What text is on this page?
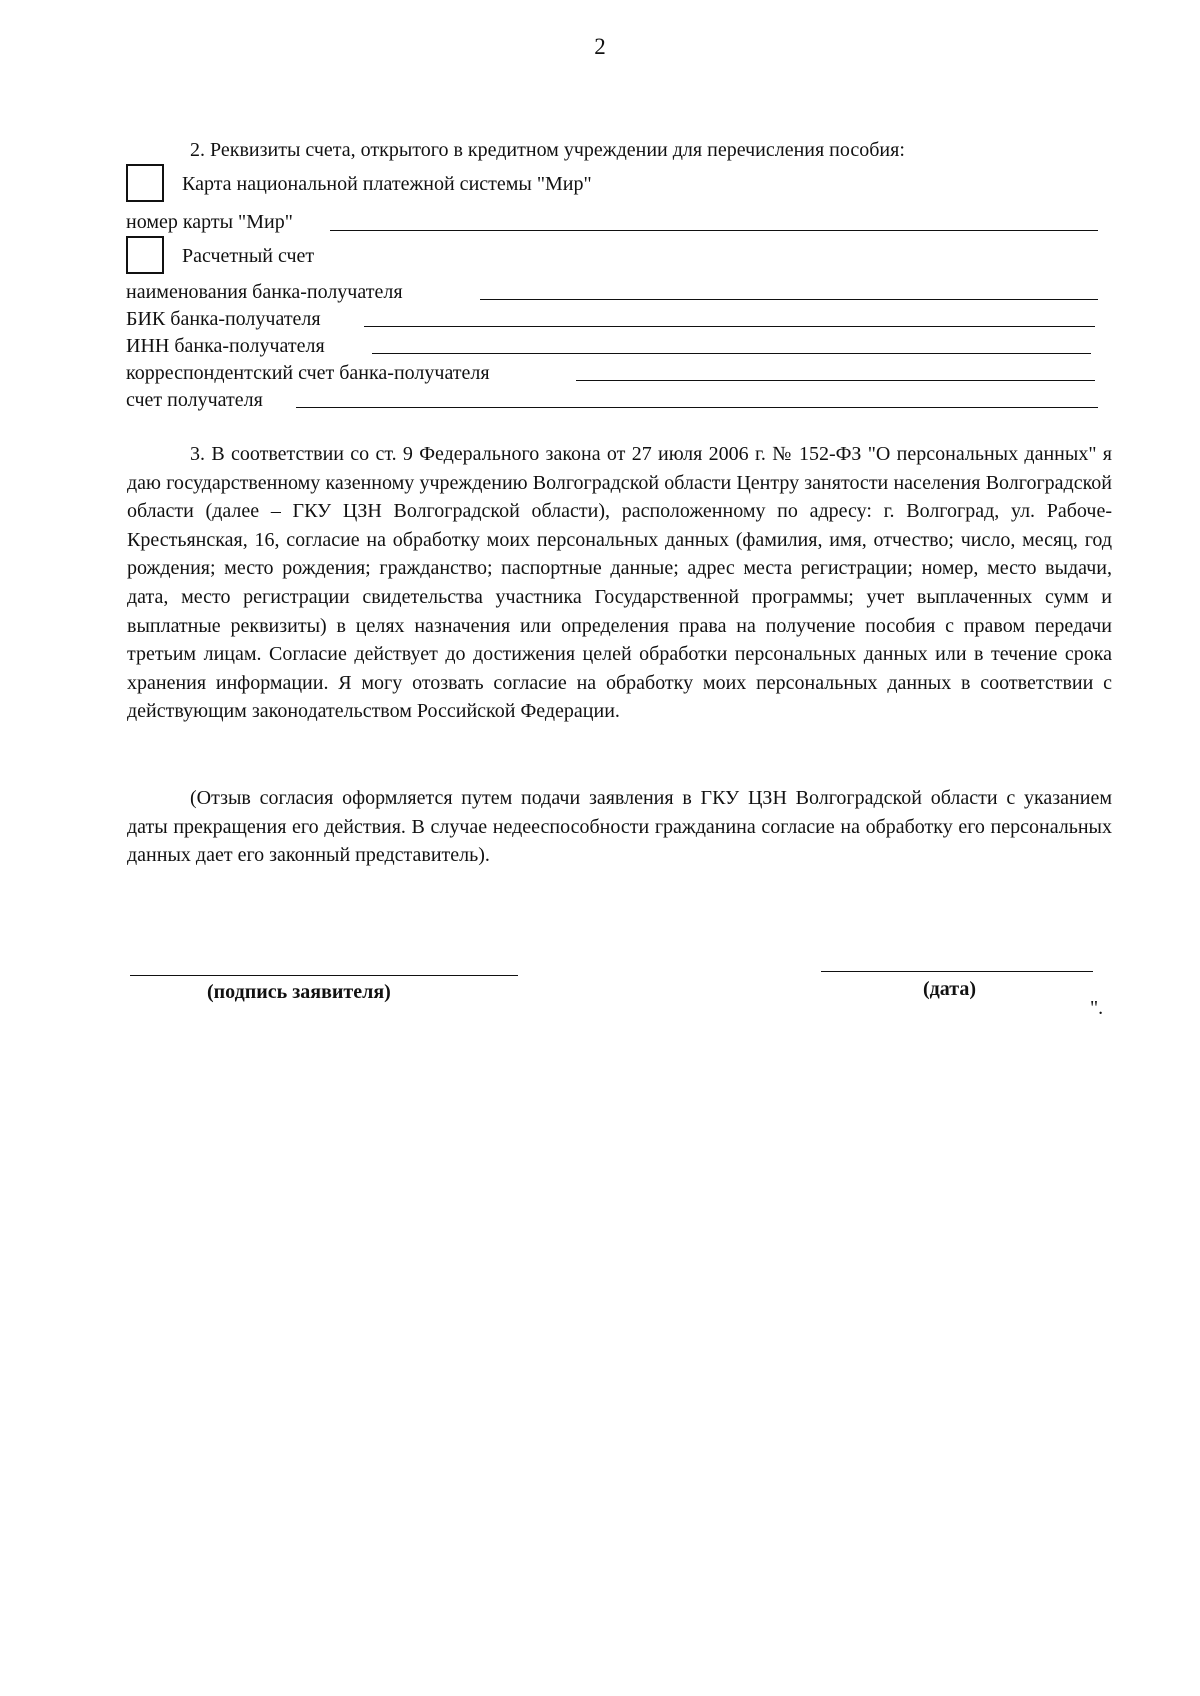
2
2. Реквизиты счета, открытого в кредитном учреждении для перечисления пособия:
Карта национальной платежной системы "Мир"
номер карты "Мир"
Расчетный счет
наименования банка-получателя
БИК банка-получателя
ИНН банка-получателя
корреспондентский счет банка-получателя
счет получателя
3. В соответствии со ст. 9 Федерального закона от 27 июля 2006 г. № 152-ФЗ "О персональных данных" я даю государственному казенному учреждению Волгоградской области Центру занятости населения Волгоградской области (далее – ГКУ ЦЗН Волгоградской области), расположенному по адресу: г. Волгоград, ул. Рабоче-Крестьянская, 16, согласие на обработку моих персональных данных (фамилия, имя, отчество; число, месяц, год рождения; место рождения; гражданство; паспортные данные; адрес места регистрации; номер, место выдачи, дата, место регистрации свидетельства участника Государственной программы; учет выплаченных сумм и выплатные реквизиты) в целях назначения или определения права на получение пособия с правом передачи третьим лицам. Согласие действует до достижения целей обработки персональных данных или в течение срока хранения информации. Я могу отозвать согласие на обработку моих персональных данных в соответствии с действующим законодательством Российской Федерации.
(Отзыв согласия оформляется путем подачи заявления в ГКУ ЦЗН Волгоградской области с указанием даты прекращения его действия. В случае недееспособности гражданина согласие на обработку его персональных данных дает его законный представитель).
(подпись заявителя)	(дата)
".
